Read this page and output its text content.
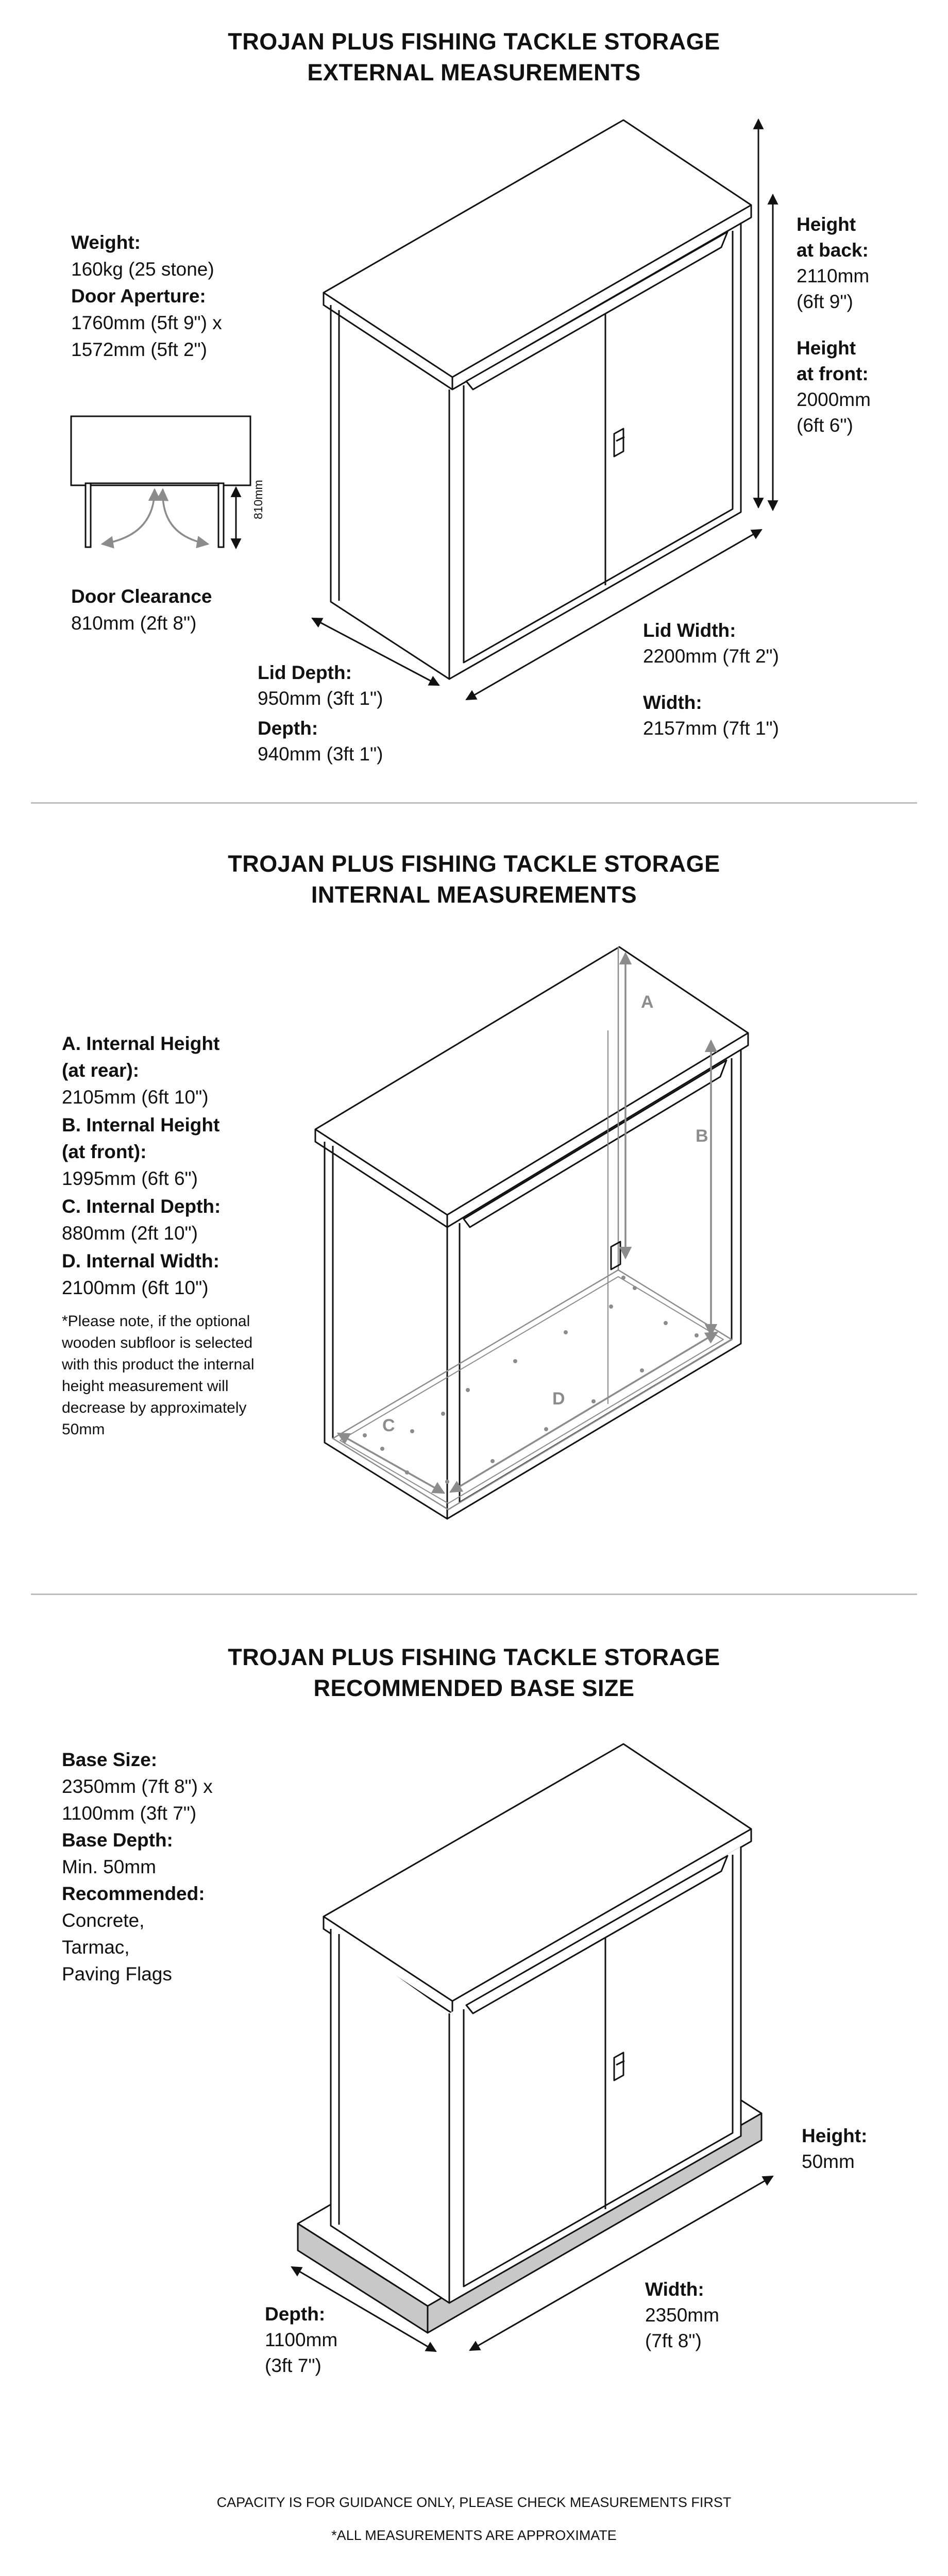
TROJAN PLUS FISHING TACKLE STORAGE
EXTERNAL MEASUREMENTS
810mm
Weight:
160kg (25 stone)
Door Aperture:
1760mm (5ft 9") x
1572mm (5ft 2")
Door Clearance
810mm (2ft 8")
Height
at back:
2110mm
(6ft 9")
Height
at front:
2000mm
(6ft 6")
Lid Depth:
950mm (3ft 1")
Depth:
940mm (3ft 1")
Lid Width:
2200mm (7ft 2")
Width:
2157mm (7ft 1")
TROJAN PLUS FISHING TACKLE STORAGE
INTERNAL MEASUREMENTS
A
B
C
D
A. Internal Height
(at rear):
2105mm (6ft 10")
B. Internal Height
(at front):
1995mm (6ft 6")
C. Internal Depth:
880mm (2ft 10")
D. Internal Width:
2100mm (6ft 10")
*Please note, if the optional
wooden subfloor is selected
with this product the internal
height measurement will
decrease by approximately
50mm
TROJAN PLUS FISHING TACKLE STORAGE
RECOMMENDED BASE SIZE
Base Size:
2350mm (7ft 8") x
1100mm (3ft 7")
Base Depth:
Min. 50mm
Recommended:
Concrete,
Tarmac,
Paving Flags
Height:
50mm
Width:
2350mm
(7ft 8")
Depth:
1100mm
(3ft 7")
CAPACITY IS FOR GUIDANCE ONLY, PLEASE CHECK MEASUREMENTS FIRST
*ALL MEASUREMENTS ARE APPROXIMATE
